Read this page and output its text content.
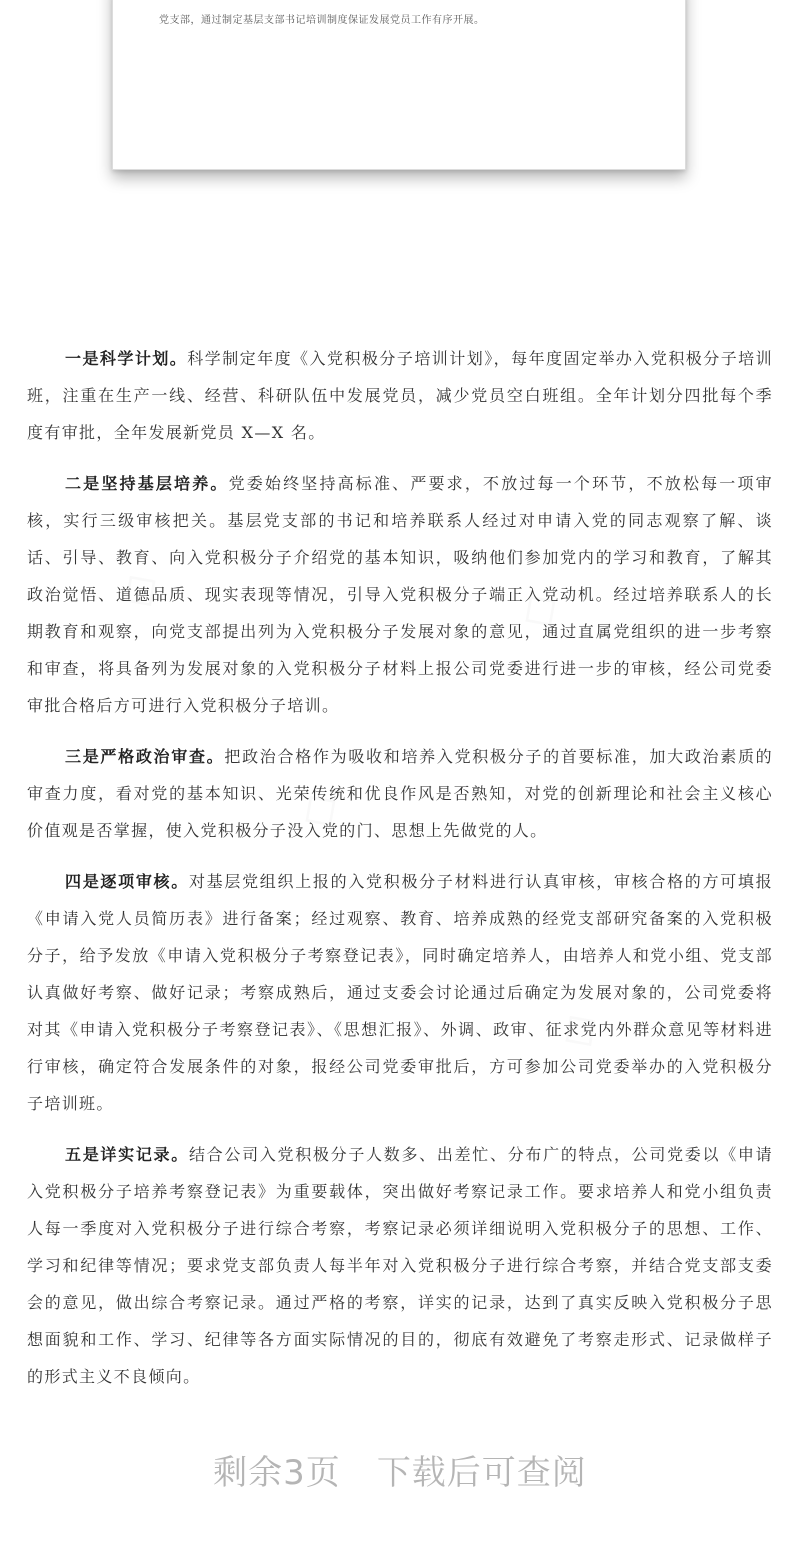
党支部，通过制定基层支部书记培训制度保证发展党员工作有序开展。

一是科学计划。科学制定年度《入党积极分子培训计划》，每年度固定举办入党积极分子培训班，注重在生产一线、经营、科研队伍中发展党员，减少党员空白班组。全年计划分四批每个季度有审批，全年发展新党员 X—X 名。

二是坚持基层培养。党委始终坚持高标准、严要求，不放过每一个环节，不放松每一项审核，实行三级审核把关。基层党支部的书记和培养联系人经过对申请入党的同志观察了解、谈话、引导、教育、向入党积极分子介绍党的基本知识，吸纳他们参加党内的学习和教育，了解其政治觉悟、道德品质、现实表现等情况，引导入党积极分子端正入党动机。经过培养联系人的长期教育和观察，向党支部提出列为入党积极分子发展对象的意见，通过直属党组织的进一步考察和审查，将具备列为发展对象的入党积极分子材料上报公司党委进行进一步的审核，经公司党委审批合格后方可进行入党积极分子培训。

三是严格政治审查。把政治合格作为吸收和培养入党积极分子的首要标准，加大政治素质的审查力度，看对党的基本知识、光荣传统和优良作风是否熟知，对党的创新理论和社会主义核心价值观是否掌握，使入党积极分子没入党的门、思想上先做党的人。

四是逐项审核。对基层党组织上报的入党积极分子材料进行认真审核，审核合格的方可填报《申请入党人员简历表》进行备案；经过观察、教育、培养成熟的经党支部研究备案的入党积极分子，给予发放《申请入党积极分子考察登记表》，同时确定培养人，由培养人和党小组、党支部认真做好考察、做好记录；考察成熟后，通过支委会讨论通过后确定为发展对象的，公司党委将对其《申请入党积极分子考察登记表》、《思想汇报》、外调、政审、征求党内外群众意见等材料进行审核，确定符合发展条件的对象，报经公司党委审批后，方可参加公司党委举办的入党积极分子培训班。

五是详实记录。结合公司入党积极分子人数多、出差忙、分布广的特点，公司党委以《申请入党积极分子培养考察登记表》为重要载体，突出做好考察记录工作。要求培养人和党小组负责人每一季度对入党积极分子进行综合考察，考察记录必须详细说明入党积极分子的思想、工作、学习和纪律等情况；要求党支部负责人每半年对入党积极分子进行综合考察，并结合党支部支委会的意见，做出综合考察记录。通过严格的考察，详实的记录，达到了真实反映入党积极分子思想面貌和工作、学习、纪律等各方面实际情况的目的，彻底有效避免了考察走形式、记录做样子的形式主义不良倾向。

◇	◇
◇
◇
剩余3页 下载后可查阅
